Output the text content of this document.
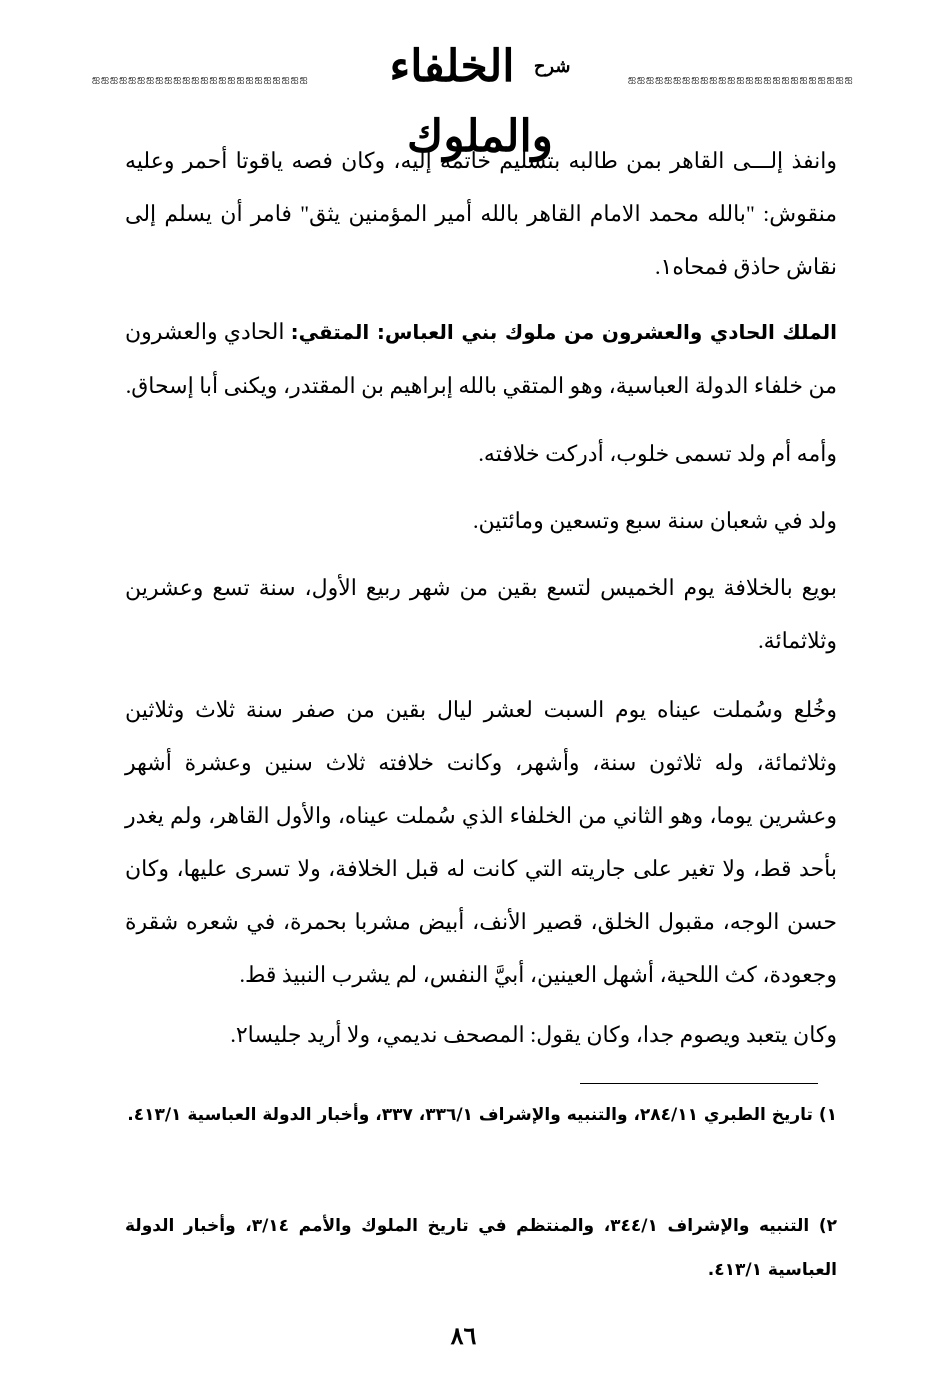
ஐஐஐஐஐஐஐஐஐஐஐஐஐஐஐஐஐஐஐஐஐஐஐஐ
$^{شرح}$ الخلفاء والملوك
ஐஐஐஐஐஐஐஐஐஐஐஐஐஐஐஐஐஐஐஐஐஐஐஐஐ

وانفذ إلـــى القاهر بمن طالبه بتسليم خاتمه إليه، وكان فصه ياقوتا أحمر وعليه منقوش: "بالله محمد الامام القاهر بالله أمير المؤمنين يثق" فامر أن يسلم إلى نقاش حاذق فمحاه١.

الملك الحادي والعشرون من ملوك بني العباس: المتقي: الحادي والعشرون من خلفاء الدولة العباسية، وهو المتقي بالله إبراهيم بن المقتدر، ويكنى أبا إسحاق.

وأمه أم ولد تسمى خلوب، أدركت خلافته.

ولد في شعبان سنة سبع وتسعين ومائتين.

بويع بالخلافة يوم الخميس لتسع بقين من شهر ربيع الأول، سنة تسع وعشرين وثلاثمائة.

وخُلع وسُملت عيناه يوم السبت لعشر ليال بقين من صفر سنة ثلاث وثلاثين وثلاثمائة، وله ثلاثون سنة، وأشهر، وكانت خلافته ثلاث سنين وعشرة أشهر وعشرين يوما، وهو الثاني من الخلفاء الذي سُملت عيناه، والأول القاهر، ولم يغدر بأحد قط، ولا تغير على جاريته التي كانت له قبل الخلافة، ولا تسرى عليها، وكان حسن الوجه، مقبول الخلق، قصير الأنف، أبيض مشربا بحمرة، في شعره شقرة وجعودة، كث اللحية، أشهل العينين، أبيَّ النفس، لم يشرب النبيذ قط.

وكان يتعبد ويصوم جدا، وكان يقول: المصحف نديمي، ولا أريد جليسا٢.

١) تاريخ الطبري ٢٨٤/١١، والتنبيه والإشراف ٣٣٦/١، ٣٣٧، وأخبار الدولة العباسية ٤١٣/١.

٢) التنبيه والإشراف ٣٤٤/١، والمنتظم في تاريخ الملوك والأمم ٣/١٤، وأخبار الدولة العباسية ٤١٣/١.

٨٦
